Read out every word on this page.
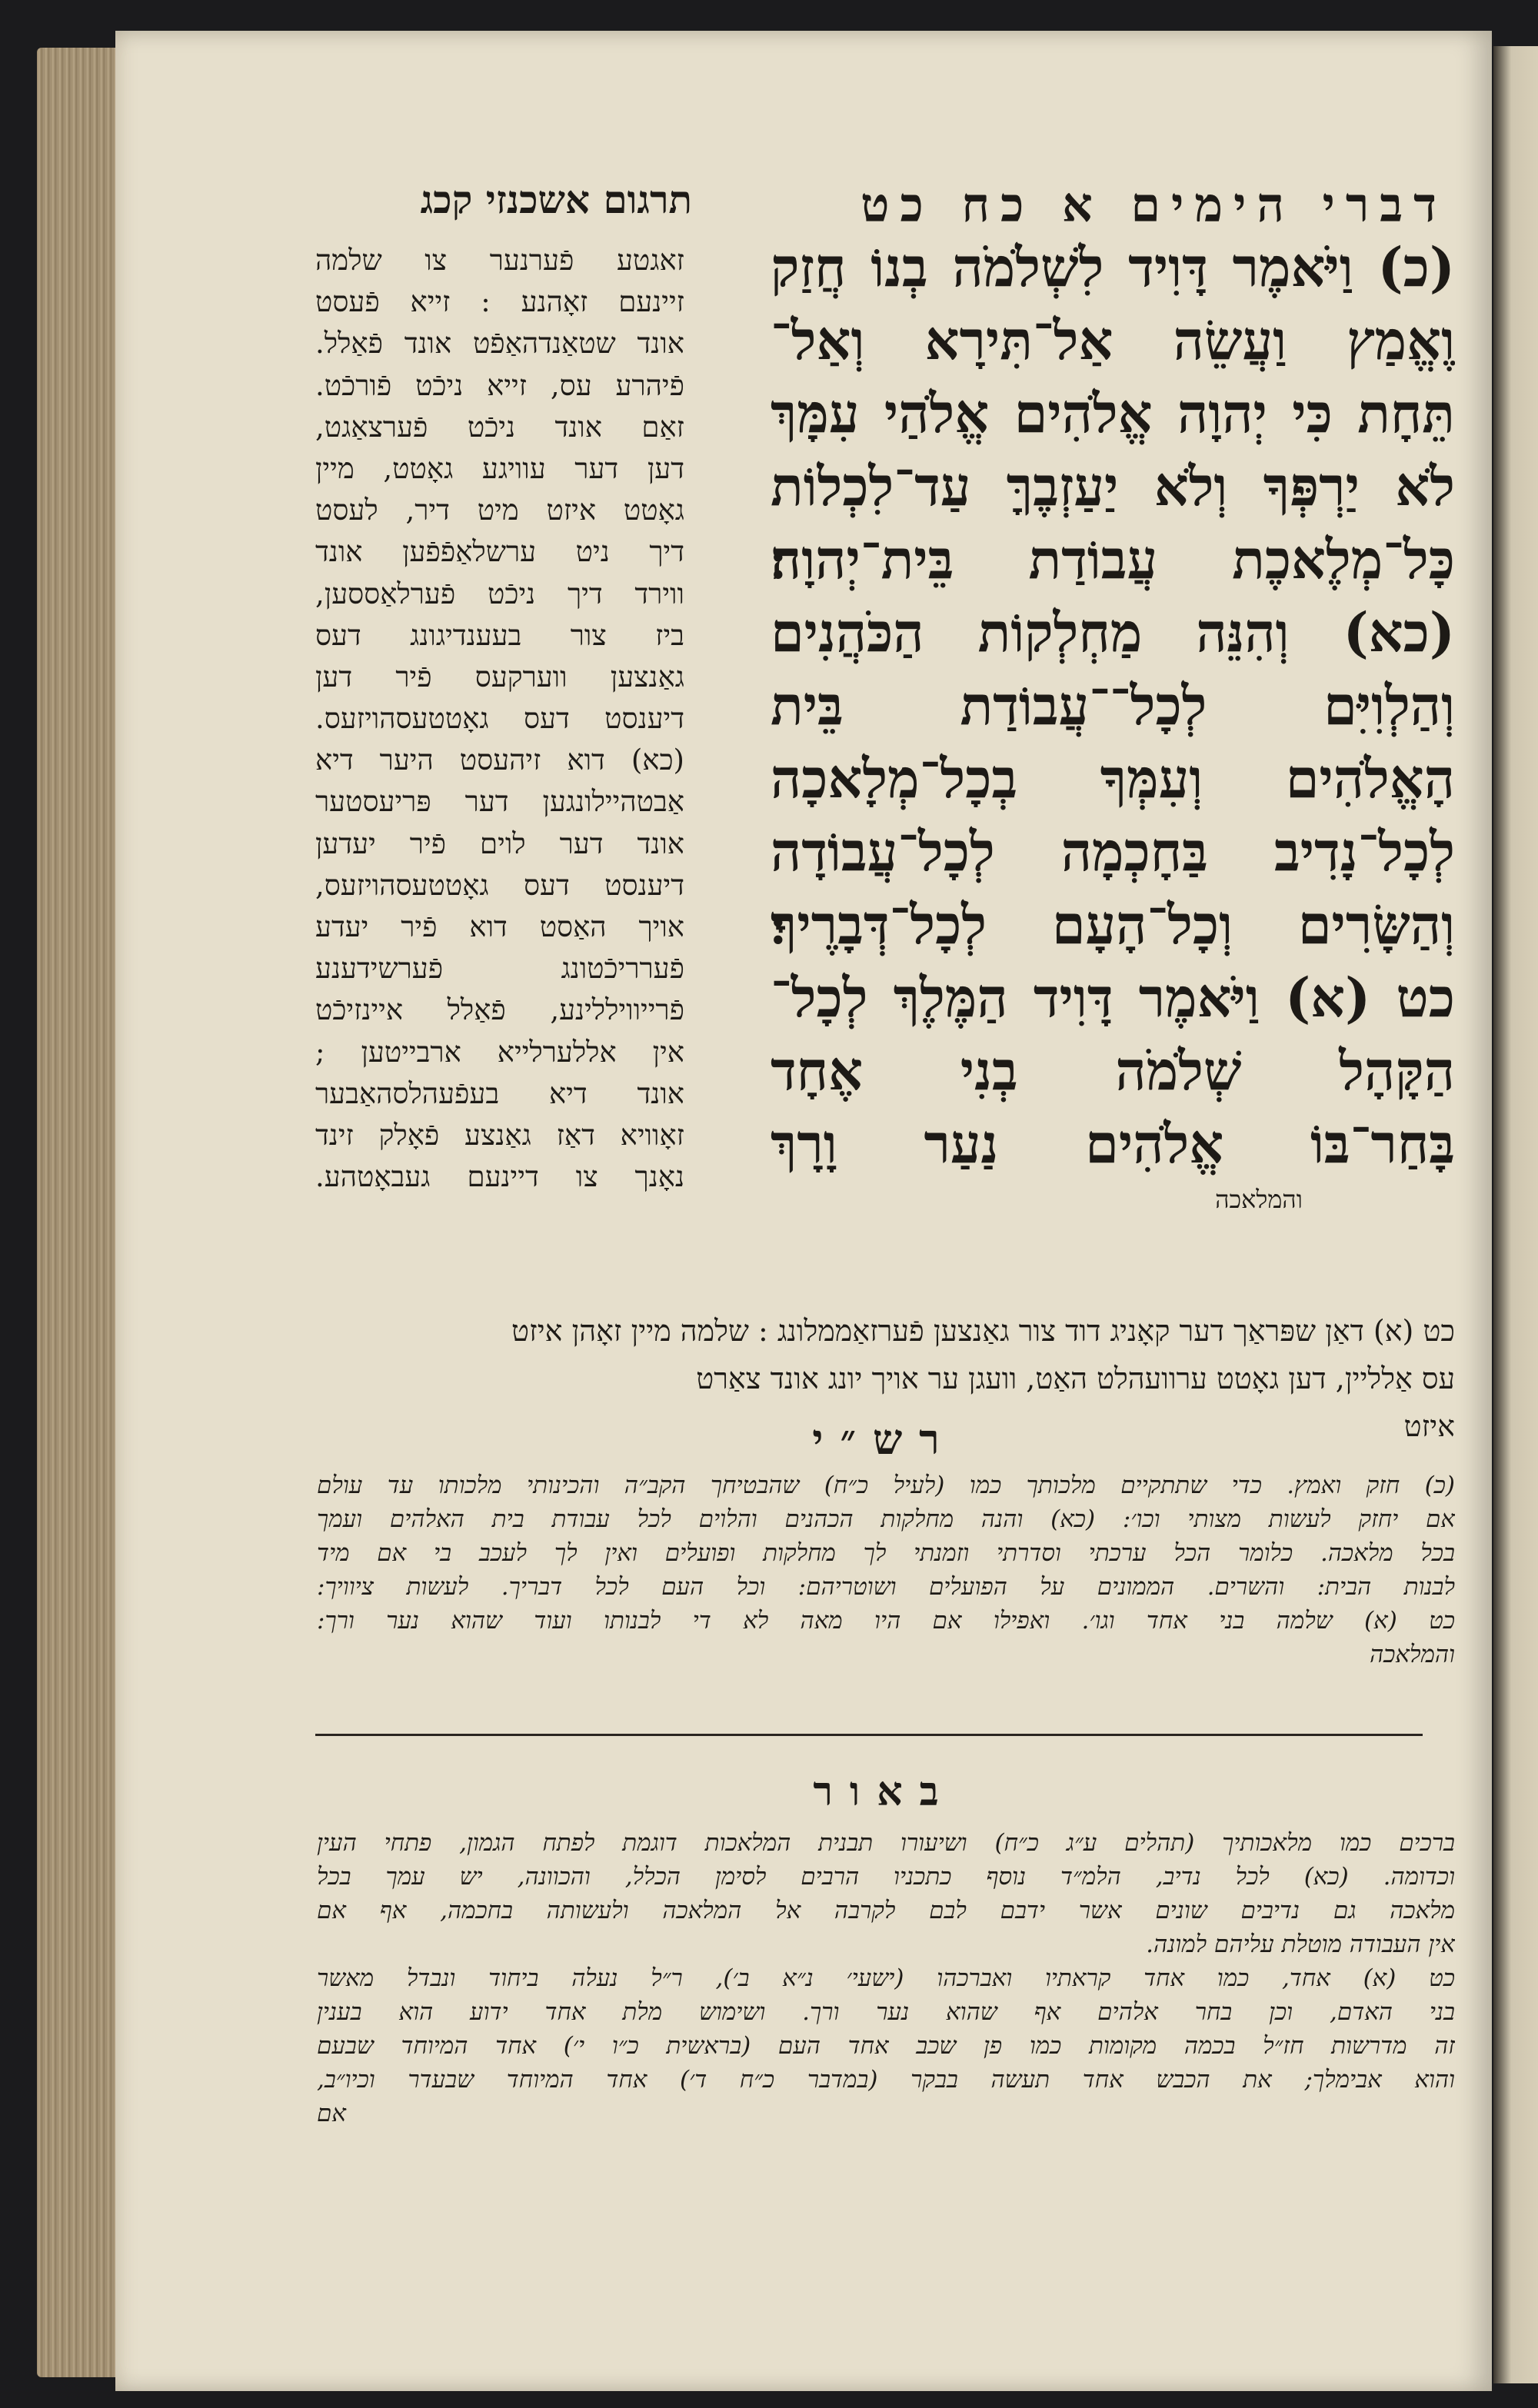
דברי הימים א כח כט
תרגום אשכנזי קכג
(כ) וַיֹּאמֶר דָּוִיד לִשְׁלֹמֹה בְנוֹ חֲזַק
וֶאֱמַץ וַעֲשֵׂה אַל־תִּירָא וְאַל־
תֵּחָת כִּי יְהוָה אֱלֹהִים אֱלֹהַי עִמָּךְ
לֹא יַרְפְּךָ וְלֹא יַעַזְבֶךָּ עַד־לִכְלוֹת
כָּל־מְלֶאכֶת עֲבוֹדַת בֵּית־יְהוָה׃
(כא) וְהִנֵּה מַחְלְקוֹת הַכֹּהֲנִים
וְהַלְוִיִּם לְכָל־־עֲבוֹדַת בֵּית
הָאֱלֹהִים וְעִמְּךָ בְכָל־מְלָאכָה
לְכָל־נָדִיב בַּחָכְמָה לְכָל־עֲבוֹדָה
וְהַשָּׂרִים וְכָל־הָעָם לְכָל־דְּבָרֶיךָ׃
כט (א) וַיֹּאמֶר דָּוִיד הַמֶּלֶךְ לְכָל־
הַקָּהָל שְׁלֹמֹה בְנִי אֶחָד
בָּחַר־בּוֹ אֱלֹהִים נַעַר וָרָךְ
והמלאכה
זאגטע פֿערנער צו שלמה
זיינעם זאָהנע : זייא פֿעסט
אונד שטאַנדהאַפֿט אונד פֿאַלל.
פֿיהרע עס, זייא ניכֿט פֿורכֿט.
זאַם אונד ניכֿט פֿערצאַגט,
דען דער עוויגע גאָטט, מיין
גאָטט איזט מיט דיר, לעסט
דיך ניט ערשלאַפֿפֿען אונד
ווירד דיך ניכֿט פֿערלאַססען,
ביז צור בעענדיגונג דעס
גאַנצען ווערקעס פֿיר דען
דיענסט דעס גאָטטעסהויזעס.
(כא) דוא זיהעסט היער דיא
אַבטהיילונגען דער פּריעסטער
אונד דער לוים פֿיר יעדען
דיענסט דעס גאָטטעסהויזעס,
אויך האַסט דוא פֿיר יעדע
פֿערריכֿטונג פֿערשידענע
פֿרייוויללינע, פֿאַלל איינזיכֿט
אין אללערלייא ארבייטען ;
אונד דיא בעפֿעהלסהאַבער
זאָוויא דאַז גאַנצע פֿאָלק זינד
נאָנך צו דיינעם געבאָטהע.
כט (א) דאַן שפּראַך דער קאָניג דוד צור גאַנצען פֿערזאַממלונג : שלמה מיין זאָהן איזט
עס אַלליין, דען גאָטט ערוועהלט האַט, וועגן ער אויך יונג אונד צאַרט
איזט
רש״י
(כ) חזק ואמץ. כדי שתתקיים מלכותך כמו (לעיל כ״ח) שהבטיחך הקב״ה והכינותי מלכותו עד עולם
אם יחזק לעשות מצותי וכו׳: (כא) והנה מחלקות הכהנים והלוים לכל עבודת בית האלהים ועמך
בכל מלאכה. כלומר הכל ערכתי וסדרתי וזמנתי לך מחלקות ופועלים ואין לך לעכב בי אם מיד
לבנות הבית: והשרים. הממונים על הפועלים ושוטריהם: וכל העם לכל דבריך. לעשות ציוויך:
כט (א) שלמה בני אחד וגו׳. ואפילו אם היו מאה לא די לבנותו ועוד שהוא נער ורך:
והמלאכה
באור
ברכים כמו מלאכותיך (תהלים ע״ג כ״ח) ושיעורו תבנית המלאכות דוגמת לפתח הגמון, פתחי העין
וכדומה. (כא) לכל נדיב, הלמ״ד נוסף כתכניו הרבים לסימן הכלל, והכוונה, יש עמך בכל
מלאכה גם נדיבים שונים אשר ידבם לבם לקרבה אל המלאכה ולעשותה בחכמה, אף אם
אין העבודה מוטלת עליהם למונה.
כט (א) אחד, כמו אחד קראתיו ואברכהו (ישעי׳ נ״א ב׳), ר״ל נעלה ביחוד ונבדל מאשר
בני האדם, וכן בחר אלהים אף שהוא נער ורך. ושימוש מלת אחד ידוע הוא בענין
זה מדרשות חז״ל בכמה מקומות כמו פן שכב אחד העם (בראשית כ״ו י׳) אחד המיוחד שבעם
והוא אבימלך; את הכבש אחד תעשה בבקר (במדבר כ״ח ד׳) אחד המיוחד שבעדר וכיו״ב,
אם
